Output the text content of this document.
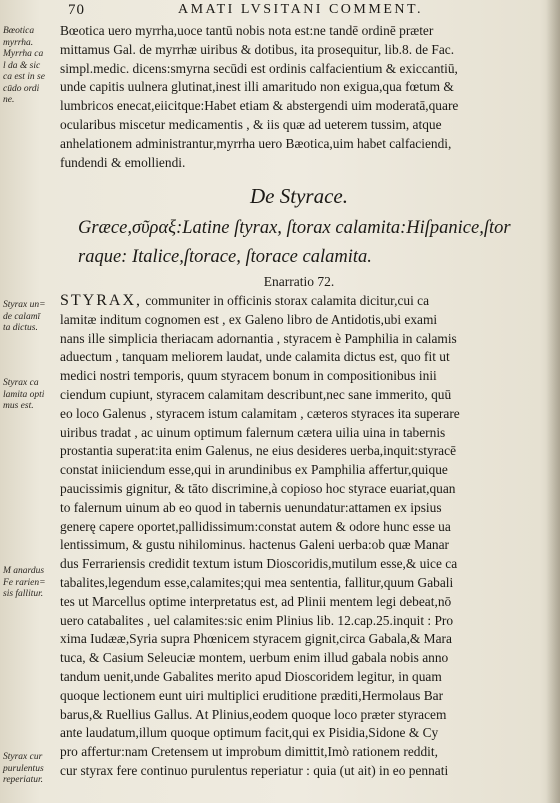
70	AMATI LVSITANI COMMENT.
Bœotica uero myrrha,uoce tantū nobis nota est:ne tandē ordinē præter
mittamus Gal. de myrrhæ uiribus & dotibus, ita prosequitur, lib.8. de Fac.
simpl.medic. dicens:smyrna secūdi est ordinis calfacientium & exiccantiū,
unde capitis uulnera glutinat,inest illi amaritudo non exigua,qua fœtum &
lumbricos enecat,eiicitque:Habet etiam & abstergendi uim moderatā,quare
ocularibus miscetur medicamentis , & iis quæ ad ueterem tussim, atque
anhelationem administrantur,myrrha uero Bæotica,uim habet calfaciendi,
fundendi & emolliendi.
De Styrace.
Græce,σῦραξ:Latine ſtyrax, ſtorax calamita:Hiſpanice,ſtor
raque: Italice,ſtorace, ſtorace calamita.
Enarratio 72.
STYRAX, communiter in officinis storax calamita dicitur,cui ca
lamitæ inditum cognomen est , ex Galeno libro de Antidotis,ubi exami
nans ille simplicia theriacam adornantia , styracem è Pamphilia in calamis
aduectum , tanquam meliorem laudat, unde calamita dictus est, quo fit ut
medici nostri temporis, quum styracem bonum in compositionibus inii
ciendum cupiunt, styracem calamitam describunt,nec sane immerito, quū
eo loco Galenus , styracem istum calamitam , cæteros styraces ita superare
uiribus tradat , ac uinum optimum falernum cætera uilia uina in tabernis
prostantia superat:ita enim Galenus, ne eius desideres uerba,inquit:styracē
constat iniiciendum esse,qui in arundinibus ex Pamphilia affertur,quique
paucissimis gignitur, & tāto discrimine,à copioso hoc styrace euariat,quan
to falernum uinum ab eo quod in tabernis uenundatur:attamen ex ipsius
generę capere oportet,pallidissimum:constat autem & odore hunc esse ua
lentissimum, & gustu nihilominus. hactenus Galeni uerba:ob quæ Manar
dus Ferrariensis credidit textum istum Dioscoridis,mutilum esse,& uice ca
tabalites,legendum esse,calamites;qui mea sententia, fallitur,quum Gabali
tes ut Marcellus optime interpretatus est, ad Plinii mentem legi debeat,nō
uero catabalites , uel calamites:sic enim Plinius lib. 12.cap.25.inquit : Pro
xima Iudææ,Syria supra Phœnicem styracem gignit,circa Gabala,& Mara
tuca, & Casium Seleuciæ montem, uerbum enim illud gabala nobis anno
tandum uenit,unde Gabalites merito apud Dioscoridem legitur, in quam
quoque lectionem eunt uiri multiplici eruditione præditi,Hermolaus Bar
barus,& Ruellius Gallus. At Plinius,eodem quoque loco præter styracem
ante laudatum,illum quoque optimum facit,qui ex Pisidia,Sidone & Cy
pro affertur:nam Cretensem ut improbum dimittit,Imò rationem reddit,
cur styrax fere continuo purulentus reperiatur : quia (ut ait) in eo pennati
Bœotica
myrrha.
Myrrha ca
l da & sic
ca est in se
cūdo ordi
ne.
Styrax un=
de calamī
ta dictus.
Styrax ca
lamita opti
mus est.
M anardus
Fe rarien=
sis fallitur.
Styrax cur
purulentus
reperiatur.
